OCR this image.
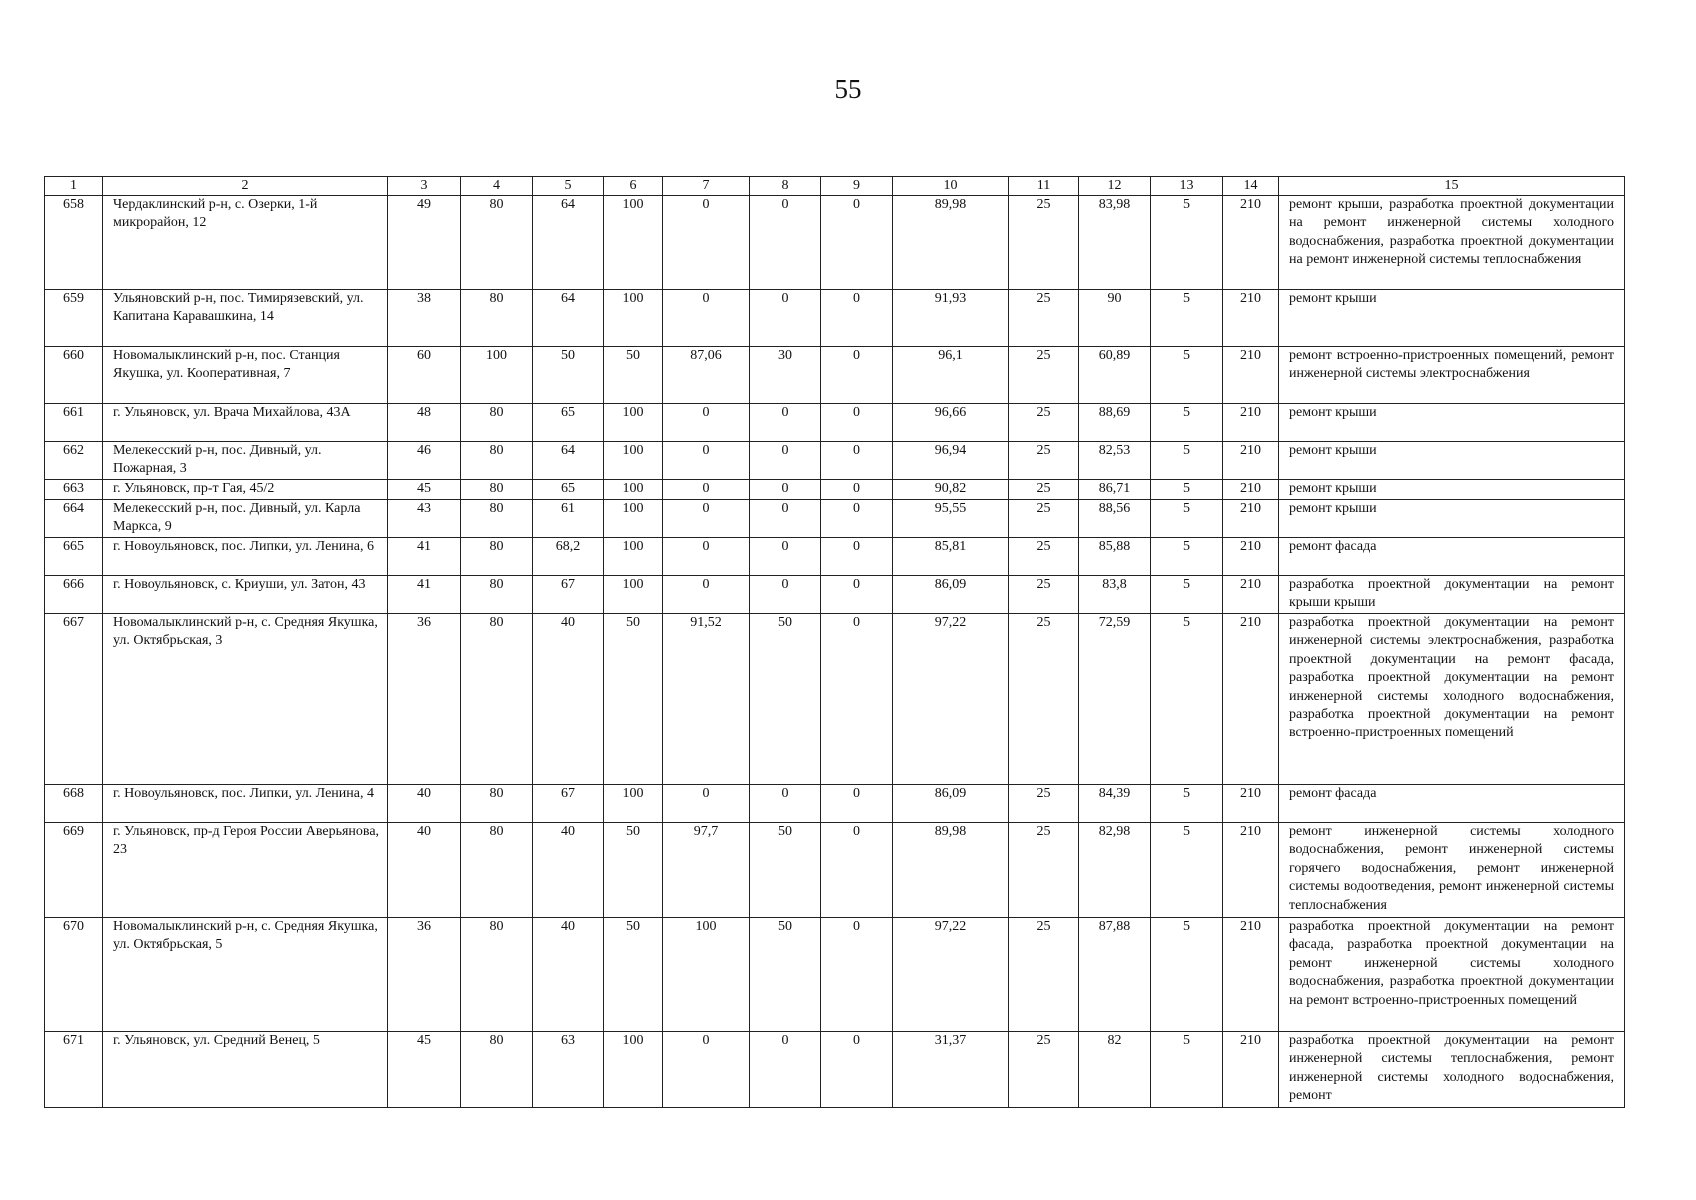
55
1	2	3	4	5	6	7	8	9	10	11	12	13	14	15
658	Чердаклинский р-н, с. Озерки, 1-й микрорайон, 12	49	80	64	100	0	0	0	89,98	25	83,98	5	210	ремонт крыши, разработка проектной документации на ремонт инженерной системы холодного водоснабжения, разработка проектной документации на ремонт инженерной системы теплоснабжения
659	Ульяновский р-н, пос. Тимирязевский, ул. Капитана Каравашкина, 14	38	80	64	100	0	0	0	91,93	25	90	5	210	ремонт крыши
660	Новомалыклинский р-н, пос. Станция Якушка, ул. Кооперативная, 7	60	100	50	50	87,06	30	0	96,1	25	60,89	5	210	ремонт встроенно-пристроенных помещений, ремонт инженерной системы электроснабжения
661	г. Ульяновск, ул. Врача Михайлова, 43А	48	80	65	100	0	0	0	96,66	25	88,69	5	210	ремонт крыши
662	Мелекесский р-н, пос. Дивный, ул. Пожарная, 3	46	80	64	100	0	0	0	96,94	25	82,53	5	210	ремонт крыши
663	г. Ульяновск, пр-т Гая, 45/2	45	80	65	100	0	0	0	90,82	25	86,71	5	210	ремонт крыши
664	Мелекесский р-н, пос. Дивный, ул. Карла Маркса, 9	43	80	61	100	0	0	0	95,55	25	88,56	5	210	ремонт крыши
665	г. Новоульяновск, пос. Липки, ул. Ленина, 6	41	80	68,2	100	0	0	0	85,81	25	85,88	5	210	ремонт фасада
666	г. Новоульяновск, с. Криуши, ул. Затон, 43	41	80	67	100	0	0	0	86,09	25	83,8	5	210	разработка проектной документации на ремонт крыши крыши
667	Новомалыклинский р-н, с. Средняя Якушка, ул. Октябрьская, 3	36	80	40	50	91,52	50	0	97,22	25	72,59	5	210	разработка проектной документации на ремонт инженерной системы электроснабжения, разработка проектной документации на ремонт фасада, разработка проектной документации на ремонт инженерной системы холодного водоснабжения, разработка проектной документации на ремонт встроенно-пристроенных помещений
668	г. Новоульяновск, пос. Липки, ул. Ленина, 4	40	80	67	100	0	0	0	86,09	25	84,39	5	210	ремонт фасада
669	г. Ульяновск, пр-д Героя России Аверьянова, 23	40	80	40	50	97,7	50	0	89,98	25	82,98	5	210	ремонт инженерной системы холодного водоснабжения, ремонт инженерной системы горячего водоснабжения, ремонт инженерной системы водоотведения, ремонт инженерной системы теплоснабжения
670	Новомалыклинский р-н, с. Средняя Якушка, ул. Октябрьская, 5	36	80	40	50	100	50	0	97,22	25	87,88	5	210	разработка проектной документации на ремонт фасада, разработка проектной документации на ремонт инженерной системы холодного водоснабжения, разработка проектной документации на ремонт встроенно-пристроенных помещений
671	г. Ульяновск, ул. Средний Венец, 5	45	80	63	100	0	0	0	31,37	25	82	5	210	разработка проектной документации на ремонт инженерной системы теплоснабжения, ремонт инженерной системы холодного водоснабжения, ремонт
